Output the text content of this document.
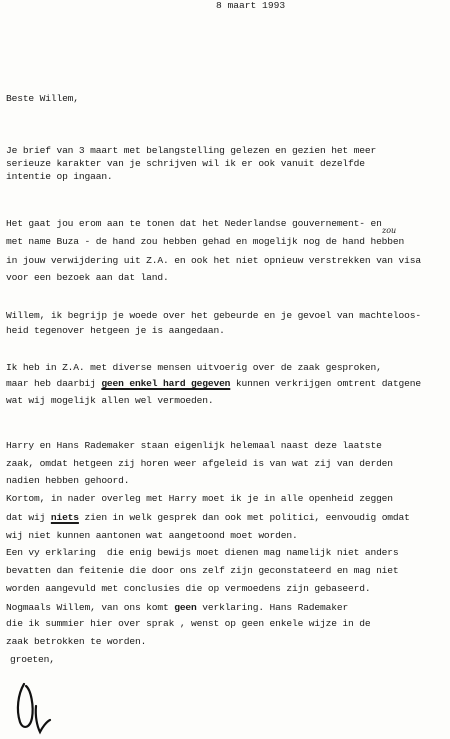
8 maart 1993
Beste Willem,
Je brief van 3 maart met belangstelling gelezen en gezien het meer
serieuze karakter van je schrijven wil ik er ook vanuit dezelfde
intentie op ingaan.
Het gaat jou erom aan te tonen dat het Nederlandse gouvernement- en
met name Buza - de hand zou hebben gehad en mogelijk nog de hand hebben
zou
in jouw verwijdering uit Z.A. en ook het niet opnieuw verstrekken van visa
voor een bezoek aan dat land.
Willem, ik begrijp je woede over het gebeurde en je gevoel van machteloos-
heid tegenover hetgeen je is aangedaan.
Ik heb in Z.A. met diverse mensen uitvoerig over de zaak gesproken,
maar heb daarbij geen enkel hard gegeven kunnen verkrijgen omtrent datgene
wat wij mogelijk allen wel vermoeden.
Harry en Hans Rademaker staan eigenlijk helemaal naast deze laatste
zaak, omdat hetgeen zij horen weer afgeleid is van wat zij van derden
nadien hebben gehoord.
Kortom, in nader overleg met Harry moet ik je in alle openheid zeggen
dat wij niets zien in welk gesprek dan ook met politici, eenvoudig omdat
wij niet kunnen aantonen wat aangetoond moet worden.
Een vy erklaring  die enig bewijs moet dienen mag namelijk niet anders
bevatten dan feitenie die door ons zelf zijn geconstateerd en mag niet
worden aangevuld met conclusies die op vermoedens zijn gebaseerd.
Nogmaals Willem, van ons komt geen verklaring. Hans Rademaker
die ik summier hier over sprak , wenst op geen enkele wijze in de
zaak betrokken te worden.
groeten,
